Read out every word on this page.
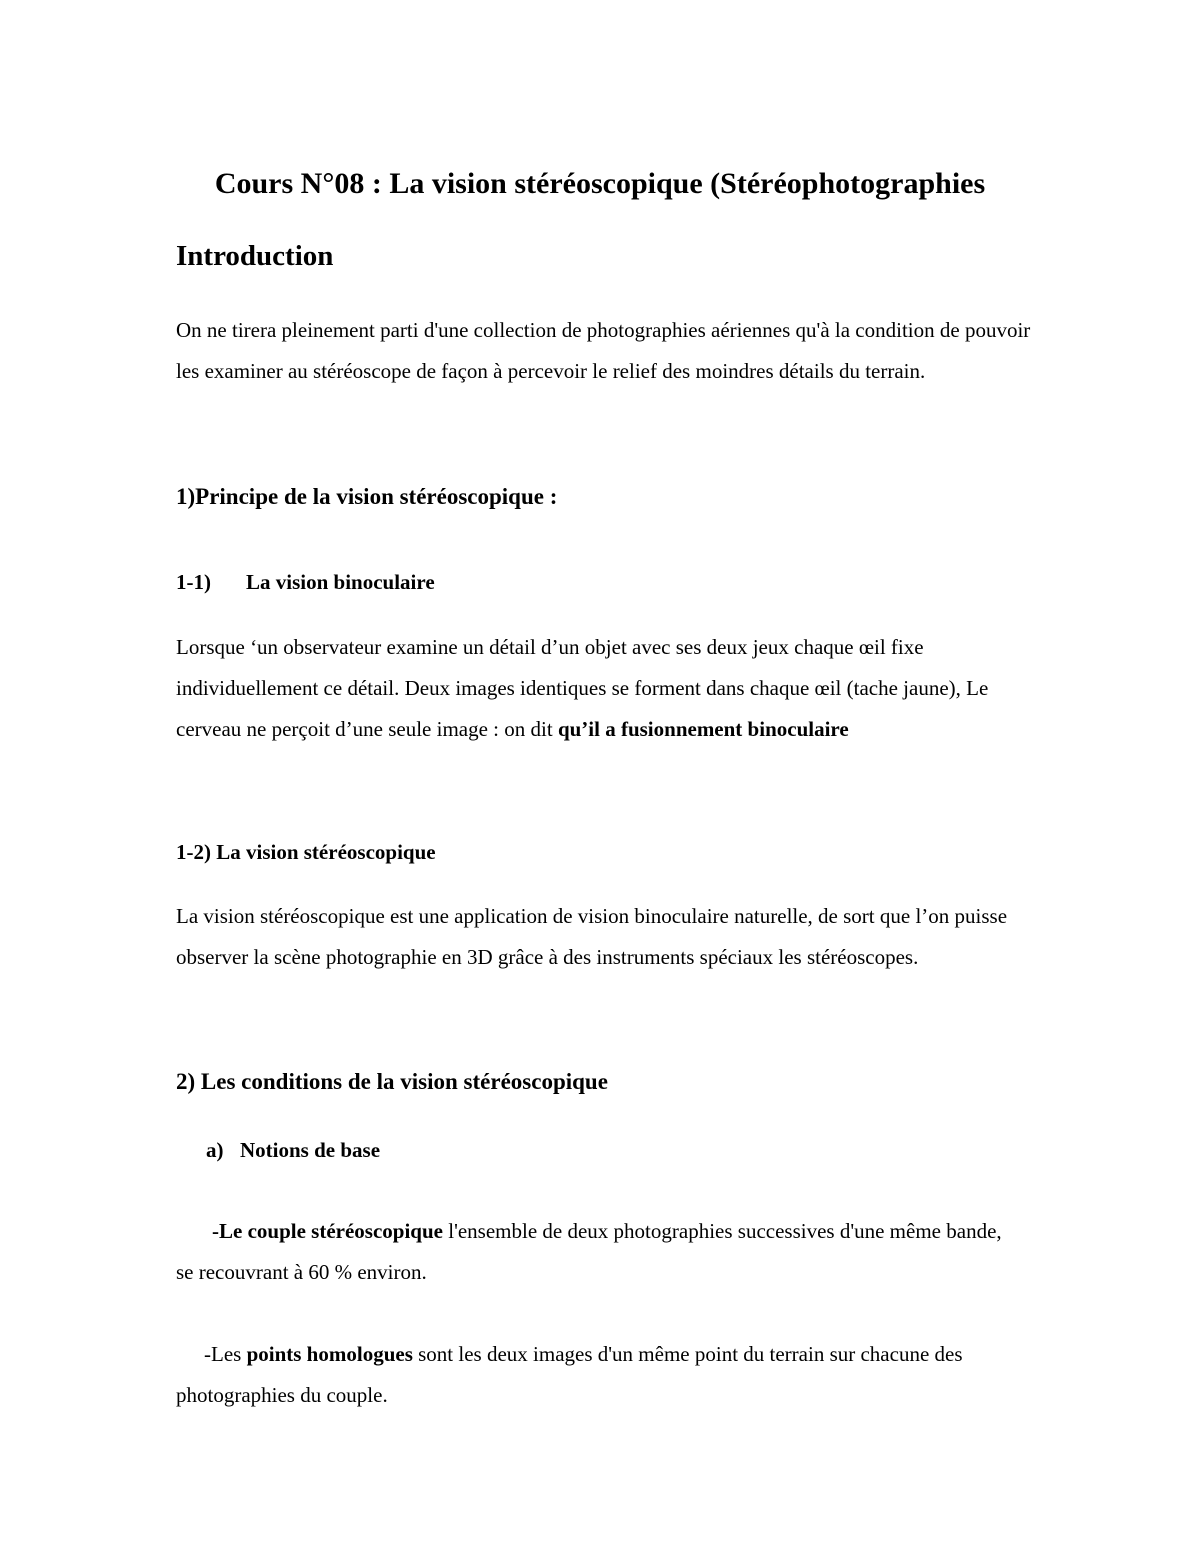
Cours N°08 : La vision stéréoscopique (Stéréophotographies
Introduction
On ne tirera pleinement parti d'une collection de photographies aériennes qu'à la condition de pouvoir les examiner au stéréoscope de façon à percevoir le relief des moindres détails du terrain.
1)Principe de la vision stéréoscopique :
1-1) La vision binoculaire
Lorsque ‘un observateur examine un détail d’un objet avec ses deux jeux chaque œil fixe individuellement ce détail. Deux images identiques se forment dans chaque œil (tache jaune), Le cerveau ne perçoit d’une seule image : on dit qu’il a fusionnement binoculaire
1-2) La vision stéréoscopique
La vision stéréoscopique est une application de vision binoculaire naturelle, de sort que l’on puisse observer la scène photographie en 3D grâce à des instruments spéciaux les stéréoscopes.
2) Les conditions de la vision stéréoscopique
a) Notions de base
-Le couple stéréoscopique l'ensemble de deux photographies successives d'une même bande, se recouvrant à 60 % environ.
-Les points homologues sont les deux images d'un même point du terrain sur chacune des photographies du couple.
